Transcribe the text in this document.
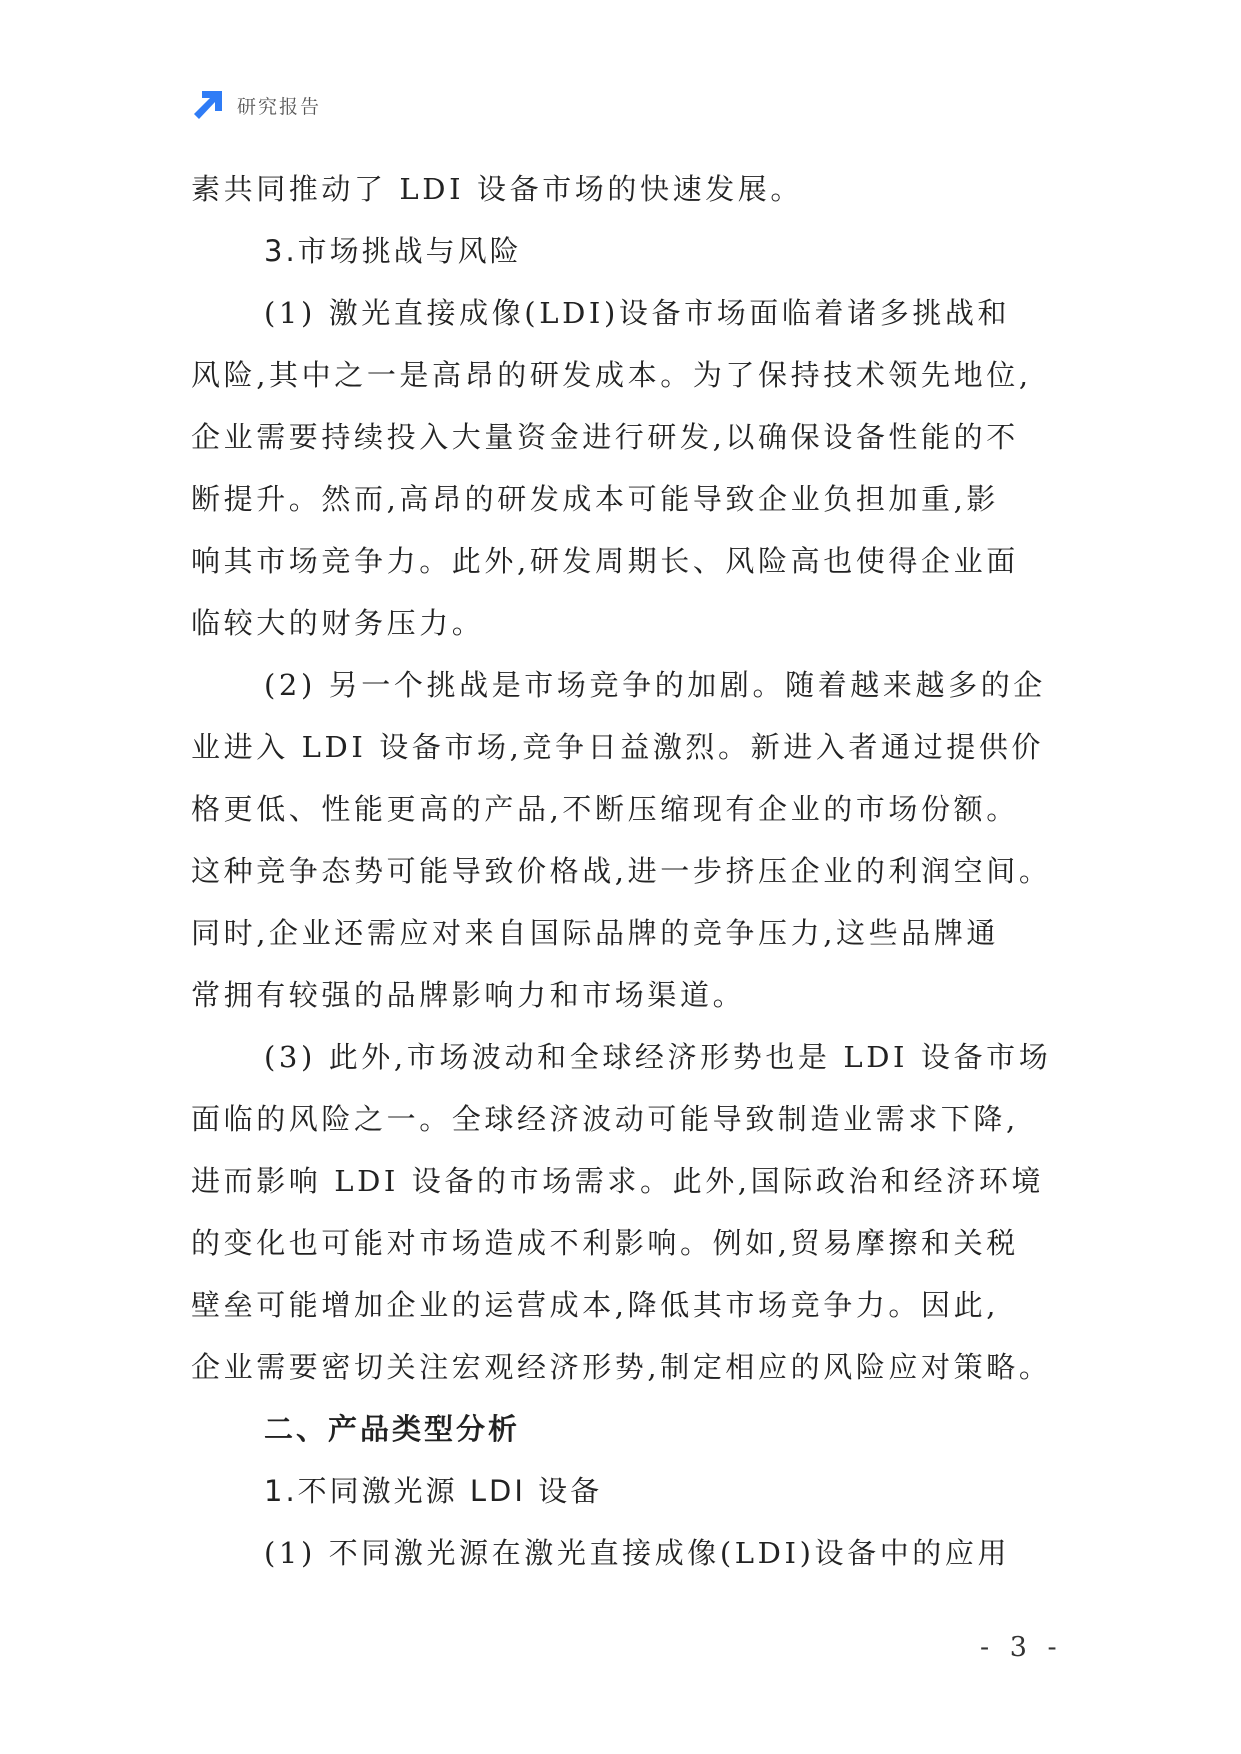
研究报告
素共同推动了 LDI 设备市场的快速发展。
3.市场挑战与风险
(1) 激光直接成像(LDI)设备市场面临着诸多挑战和
风险,其中之一是高昂的研发成本。为了保持技术领先地位,
企业需要持续投入大量资金进行研发,以确保设备性能的不
断提升。然而,高昂的研发成本可能导致企业负担加重,影
响其市场竞争力。此外,研发周期长、风险高也使得企业面
临较大的财务压力。
(2) 另一个挑战是市场竞争的加剧。随着越来越多的企
业进入 LDI 设备市场,竞争日益激烈。新进入者通过提供价
格更低、性能更高的产品,不断压缩现有企业的市场份额。
这种竞争态势可能导致价格战,进一步挤压企业的利润空间。
同时,企业还需应对来自国际品牌的竞争压力,这些品牌通
常拥有较强的品牌影响力和市场渠道。
(3) 此外,市场波动和全球经济形势也是 LDI 设备市场
面临的风险之一。全球经济波动可能导致制造业需求下降,
进而影响 LDI 设备的市场需求。此外,国际政治和经济环境
的变化也可能对市场造成不利影响。例如,贸易摩擦和关税
壁垒可能增加企业的运营成本,降低其市场竞争力。因此,
企业需要密切关注宏观经济形势,制定相应的风险应对策略。
二、产品类型分析
1.不同激光源 LDI 设备
(1) 不同激光源在激光直接成像(LDI)设备中的应用
- 3 -
